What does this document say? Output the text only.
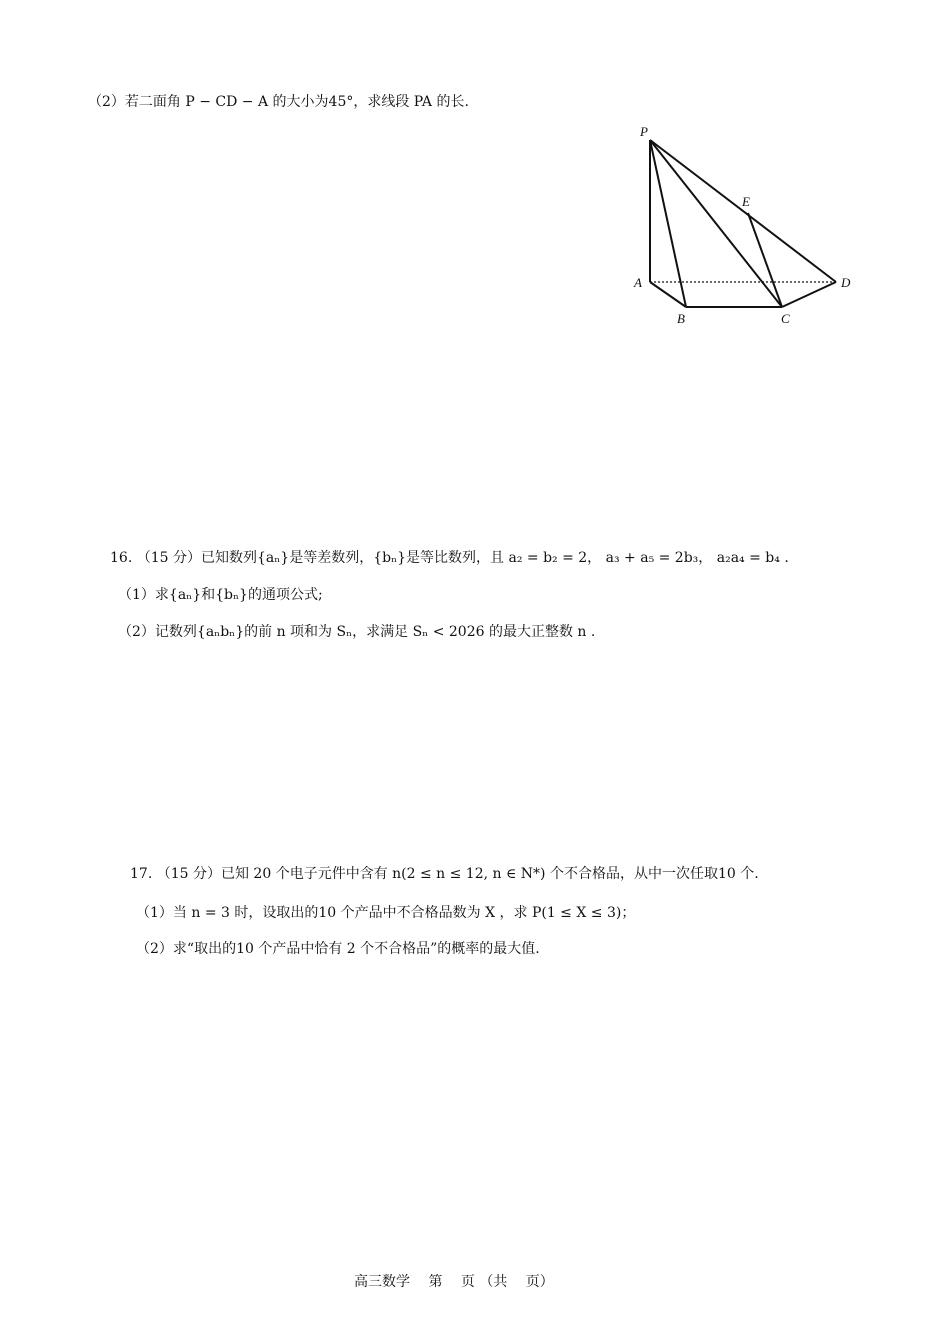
（2）若二面角 P − CD − A 的大小为45°，求线段 PA 的长.
P
E
A	D
B	C
16. （15 分）已知数列{aₙ}是等差数列，{bₙ}是等比数列，且 a₂ = b₂ = 2， a₃ + a₅ = 2b₃， a₂a₄ = b₄ .
（1）求{aₙ}和{bₙ}的通项公式;
（2）记数列{aₙbₙ}的前 n 项和为 Sₙ，求满足 Sₙ < 2026 的最大正整数 n .
17. （15 分）已知 20 个电子元件中含有 n(2 ≤ n ≤ 12, n ∈ N*) 个不合格品，从中一次任取10 个.
（1）当 n = 3 时，设取出的10 个产品中不合格品数为 X ，求 P(1 ≤ X ≤ 3)；
（2）求“取出的10 个产品中恰有 2 个不合格品”的概率的最大值.
高三数学　 第　 页 （共　 页）
